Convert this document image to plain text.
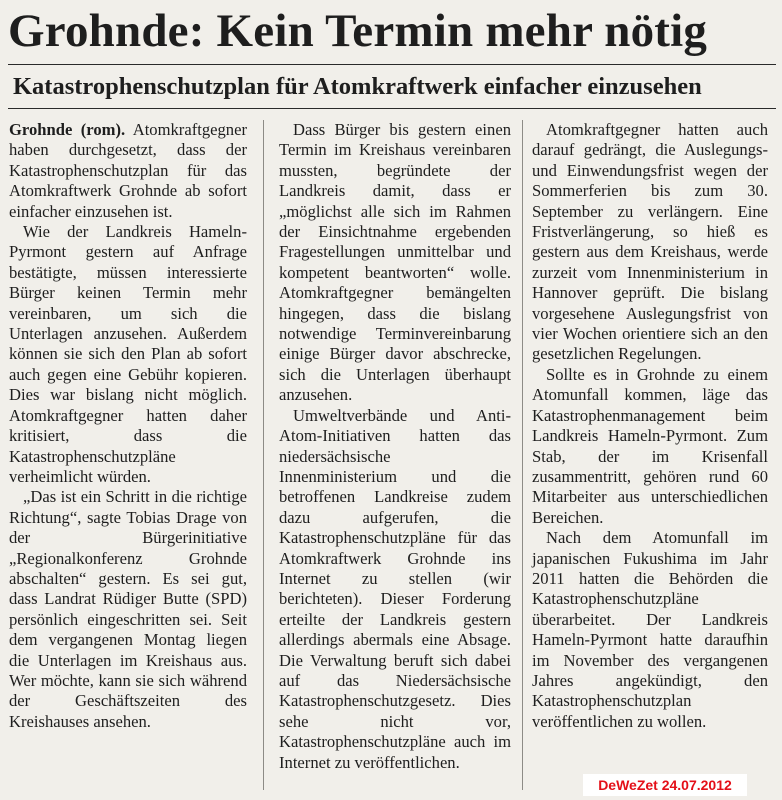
Grohnde: Kein Termin mehr nötig
Katastrophenschutzplan für Atomkraftwerk einfacher einzusehen

Grohnde (rom). Atomkraftgegner haben durchgesetzt, dass der Katastrophenschutzplan für das Atomkraftwerk Grohnde ab sofort einfacher einzusehen ist.

Wie der Landkreis Hameln-Pyrmont gestern auf Anfrage bestätigte, müssen interessierte Bürger keinen Termin mehr vereinbaren, um sich die Unterlagen anzusehen. Außerdem können sie sich den Plan ab sofort auch gegen eine Gebühr kopieren. Dies war bislang nicht möglich. Atomkraftgegner hatten daher kritisiert, dass die Katastrophenschutzpläne verheimlicht würden.

„Das ist ein Schritt in die richtige Richtung“, sagte Tobias Drage von der Bürgerinitiative „Regionalkonferenz Grohnde abschalten“ gestern. Es sei gut, dass Landrat Rüdiger Butte (SPD) persönlich eingeschritten sei. Seit dem vergangenen Montag liegen die Unterlagen im Kreishaus aus. Wer möchte, kann sie sich während der Geschäftszeiten des Kreishauses ansehen.

Dass Bürger bis gestern einen Termin im Kreishaus vereinbaren mussten, begründete der Landkreis damit, dass er „möglichst alle sich im Rahmen der Einsichtnahme ergebenden Fragestellungen unmittelbar und kompetent beantworten“ wolle. Atomkraftgegner bemängelten hingegen, dass die bislang notwendige Terminvereinbarung einige Bürger davor abschrecke, sich die Unterlagen überhaupt anzusehen.

Umweltverbände und Anti-Atom-Initiativen hatten das niedersächsische Innenministerium und die betroffenen Landkreise zudem dazu aufgerufen, die Katastrophenschutzpläne für das Atomkraftwerk Grohnde ins Internet zu stellen (wir berichteten). Dieser Forderung erteilte der Landkreis gestern allerdings abermals eine Absage. Die Verwaltung beruft sich dabei auf das Niedersächsische Katastrophenschutzgesetz. Dies sehe nicht vor, Katastrophenschutzpläne auch im Internet zu veröffentlichen.

Atomkraftgegner hatten auch darauf gedrängt, die Auslegungs- und Einwendungsfrist wegen der Sommerferien bis zum 30. September zu verlängern. Eine Fristverlängerung, so hieß es gestern aus dem Kreishaus, werde zurzeit vom Innenministerium in Hannover geprüft. Die bislang vorgesehene Auslegungsfrist von vier Wochen orientiere sich an den gesetzlichen Regelungen.

Sollte es in Grohnde zu einem Atomunfall kommen, läge das Katastrophenmanagement beim Landkreis Hameln-Pyrmont. Zum Stab, der im Krisenfall zusammentritt, gehören rund 60 Mitarbeiter aus unterschiedlichen Bereichen.

Nach dem Atomunfall im japanischen Fukushima im Jahr 2011 hatten die Behörden die Katastrophenschutzpläne überarbeitet. Der Landkreis Hameln-Pyrmont hatte daraufhin im November des vergangenen Jahres angekündigt, den Katastrophenschutzplan veröffentlichen zu wollen.

DeWeZet 24.07.2012
